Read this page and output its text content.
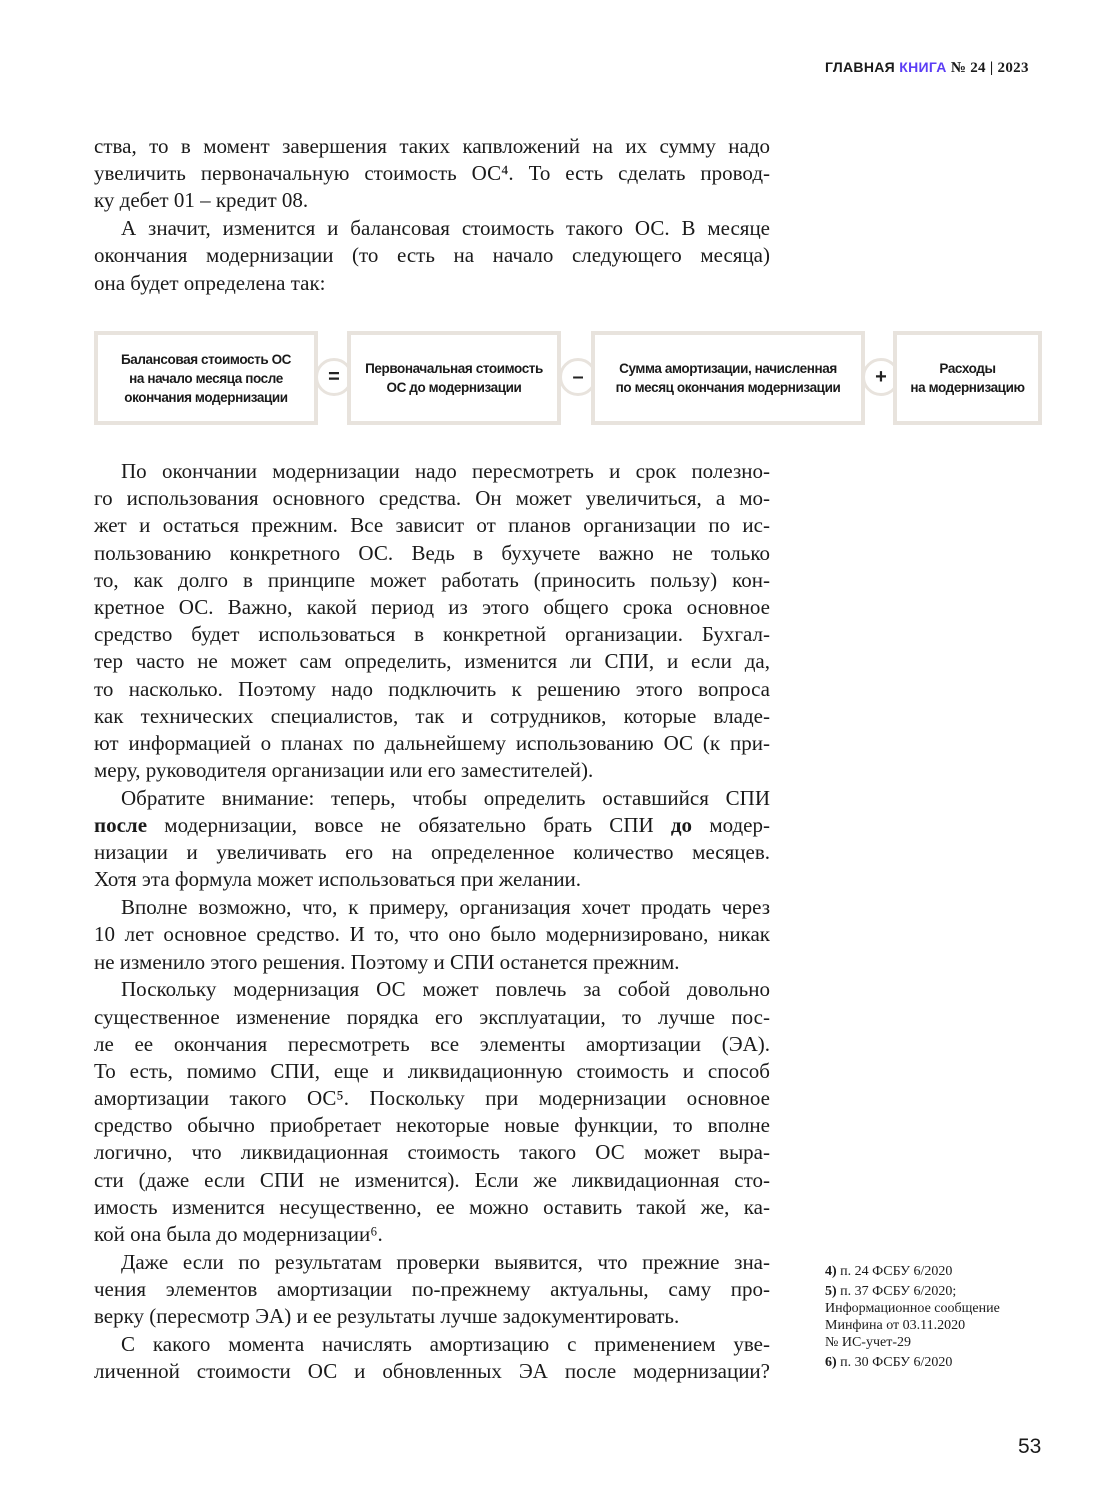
ГЛАВНАЯ КНИГА № 24 | 2023
ства, то в момент завершения таких капвложений на их сумму надо
увеличить первоначальную стоимость ОС⁴. То есть сделать провод-
ку дебет 01 – кредит 08.
А значит, изменится и балансовая стоимость такого ОС. В месяце
окончания модернизации (то есть на начало следующего месяца)
она будет определена так:
Балансовая стоимость ОС
на начало месяца после
окончания модернизации
=	Первоначальная стоимость
ОС до модернизации	–	Сумма амортизации, начисленная
по месяц окончания модернизации	+	Расходы
на модернизацию
По окончании модернизации надо пересмотреть и срок полезно-
го использования основного средства. Он может увеличиться, а мо-
жет и остаться прежним. Все зависит от планов организации по ис-
пользованию конкретного ОС. Ведь в бухучете важно не только
то, как долго в принципе может работать (приносить пользу) кон-
кретное ОС. Важно, какой период из этого общего срока основное
средство будет использоваться в конкретной организации. Бухгал-
тер часто не может сам определить, изменится ли СПИ, и если да,
то насколько. Поэтому надо подключить к решению этого вопроса
как технических специалистов, так и сотрудников, которые владе-
ют информацией о планах по дальнейшему использованию ОС (к при-
меру, руководителя организации или его заместителей).
Обратите внимание: теперь, чтобы определить оставшийся СПИ
после модернизации, вовсе не обязательно брать СПИ до модер-
низации и увеличивать его на определенное количество месяцев.
Хотя эта формула может использоваться при желании.
Вполне возможно, что, к примеру, организация хочет продать через
10 лет основное средство. И то, что оно было модернизировано, никак
не изменило этого решения. Поэтому и СПИ останется прежним.
Поскольку модернизация ОС может повлечь за собой довольно
существенное изменение порядка его эксплуатации, то лучше пос-
ле ее окончания пересмотреть все элементы амортизации (ЭА).
То есть, помимо СПИ, еще и ликвидационную стоимость и способ
амортизации такого ОС⁵. Поскольку при модернизации основное
средство обычно приобретает некоторые новые функции, то вполне
логично, что ликвидационная стоимость такого ОС может выра-
сти (даже если СПИ не изменится). Если же ликвидационная сто-
имость изменится несущественно, ее можно оставить такой же, ка-
кой она была до модернизации⁶.
Даже если по результатам проверки выявится, что прежние зна-
чения элементов амортизации по-прежнему актуальны, саму про-
верку (пересмотр ЭА) и ее результаты лучше задокументировать.
С какого момента начислять амортизацию с применением уве-
личенной стоимости ОС и обновленных ЭА после модернизации?
4) п. 24 ФСБУ 6/2020
5) п. 37 ФСБУ 6/2020;
Информационное сообщение
Минфина от 03.11.2020
№ ИС-учет-29
6) п. 30 ФСБУ 6/2020
53
